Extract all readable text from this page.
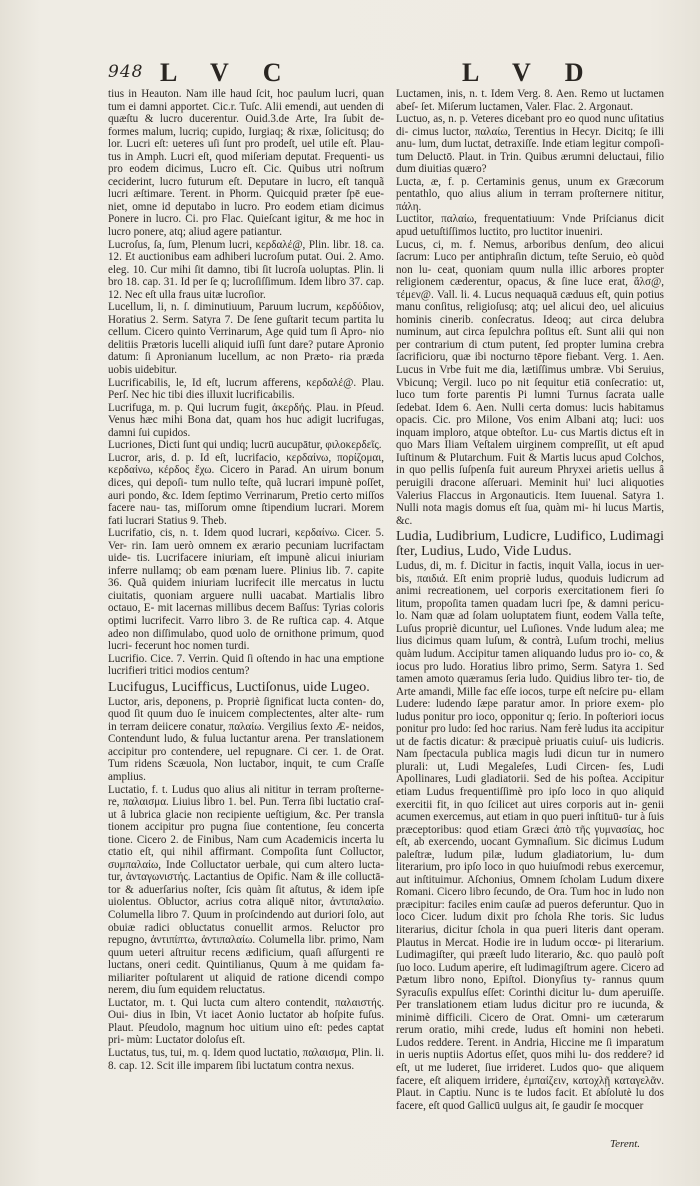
948 L V C	L V D

tius in Heauton. Nam ille haud ſcit, hoc paulum lucri, quan tum ei damni apportet. Cic.r. Tuſc. Alii emendi, aut uenden di quæſtu & lucro ducerentur. Ouid.3.de Arte, Ira ſubit de- formes malum, lucriq; cupido, Iurgiaq; & rixæ, ſolicitusq; do lor. Lucri eſt: ueteres uſi ſunt pro prodeſt, uel utile eſt. Plau- tus in Amph. Lucri eſt, quod miſeriam deputat. Frequenti- us pro eodem dicimus, Lucro eſt. Cic. Quibus utri noſtrum ceciderint, lucro futurum eſt. Deputare in lucro, eſt tanquã lucri æſtimare. Terent. in Phorm. Quicquid præter ſpē eue- niet, omne id deputabo in lucro. Pro eodem etiam dicimus Ponere in lucro. Ci. pro Flac. Quieſcant igitur, & me hoc in lucro ponere, atq; aliud agere patiantur.

Lucroſus, ſa, ſum, Plenum lucri, κερδαλέ@, Plin. libr. 18. ca. 12. Et auctionibus eam adhiberi lucroſum putat. Oui. 2. Amo. eleg. 10. Cur mihi ſit damno, tibi ſit lucroſa uoluptas. Plin. li bro 18. cap. 31. Id per ſe q; lucroſiſſimum. Idem libro 37. cap. 12. Nec eſt ulla fraus uitæ lucroſior.

Lucellum, li, n. ſ. diminutiuum, Paruum lucrum, κερδύδιον, Horatius 2. Serm. Satyra 7. De ſene guſtarit tecum partita lu cellum. Cicero quinto Verrinarum, Age quid tum ſi Apro- nio delitiis Prætoris lucelli aliquid iuſſi ſunt dare? putare Apronio datum: ſi Apronianum lucellum, ac non Præto- ria præda uobis uidebitur.

Lucrificabilis, le, Id eſt, lucrum afferens, κερδαλέ@. Plau. Perſ. Nec hic tibi dies illuxit lucrificabilis.

Lucrifuga, m. p. Qui lucrum fugit, ἀκερδής. Plau. in Pſeud. Venus hæc mihi Bona dat, quam hos huc adigit lucrifugas, damni ſui cupidos.

Lucriones, Dicti ſunt qui undiq; lucrū aucupātur, φιλοκερδεῖς.

Lucror, aris, d. p. Id eſt, lucrifacio, κερδαίνω, πορίζομαι, κερδαίνω, κέρδος ἔχω. Cicero in Parad. An uirum bonum dices, qui depoſi- tum nullo teſte, quã lucrari impunè poſſet, auri pondo, &c. Idem ſeptimo Verrinarum, Pretio certo miſſos facere nau- tas, miſſorum omne ſtipendium lucrari. Morem fati lucrari Statius 9. Theb.

Lucrifatio, cis, n. t. Idem quod lucrari, κερδαίνω. Cicer. 5. Ver- rin. Iam uerò omnem ex ærario pecuniam lucrifactam uide- tis. Lucrifacere iniuriam, eſt impunè alicui iniuriam inferre nullamq; ob eam pœnam luere. Plinius lib. 7. capite 36. Quã quidem iniuriam lucrifecit ille mercatus in luctu ciuitatis, quoniam arguere nulli uacabat. Martialis libro octauo, E- mit lacernas millibus decem Baſſus: Tyrias coloris optimi lucrifecit. Varro libro 3. de Re ruſtica cap. 4. Atque adeo non diſſimulabo, quod uolo de ornithone primum, quod lucri- fecerunt hoc nomen turdi.

Lucrifio. Cice. 7. Verrin. Quid ſi oſtendo in hac una emptione lucrifieri tritici modios centum?

Lucifugus, Lucifficus, Luctiſonus, uide Lugeo.

Luctor, aris, deponens, p. Propriè ſignificat lucta conten- do, quod ſit quum duo ſe inuicem complectentes, alter alte- rum in terram deiicere conatur, παλαίω. Vergilius ſexto Æ- neidos, Contendunt ludo, & fulua luctantur arena. Per translationem accipitur pro contendere, uel repugnare. Ci cer. 1. de Orat. Tum ridens Scæuola, Non luctabor, inquit, te cum Craſſe amplius.

Luctatio, f. t. Ludus quo alius ali nititur in terram proſterne- re, παλαισμα. Liuius libro 1. bel. Pun. Terra ſibi luctatio craſ- ut â lubrica glacie non recipiente ueſtigium, &c. Per transla tionem accipitur pro pugna ſiue contentione, ſeu concerta tione. Cicero 2. de Finibus, Nam cum Academicis incerta lu ctatio eſt, qui nihil affirmant. Compoſita ſunt Colluctor, συμπαλαίω, Inde Colluctator uerbale, qui cum altero lucta- tur, ἀνταγωνιστής. Lactantius de Opific. Nam & ille colluctā- tor & aduerſarius noſter, ſcis quàm ſit aſtutus, & idem ipſe uiolentus. Obluctor, acrius cotra aliquē nitor, ἀντιπαλαίω. Columella libro 7. Quum in proſcindendo aut duriori ſolo, aut obuiæ radici obluctatus conuellit armos. Reluctor pro repugno, ἀντιπίπτω, ἀντιπαλαίω. Columella libr. primo, Nam quum ueteri aſtruitur recens ædificium, quaſi aſſurgenti re luctans, oneri cedit. Quintilianus, Quum à me quidam fa- miliariter poſtularent ut aliquid de ratione dicendi compo nerem, diu ſum equidem reluctatus.

Luctator, m. t. Qui lucta cum altero contendit, παλαιστής. Oui- dius in Ibin, Vt iacet Aonio luctator ab hoſpite fuſus. Plaut. Pſeudolo, magnum hoc uitium uino eſt: pedes captat pri- mùm: Luctator doloſus eſt.

Luctatus, tus, tui, m. q. Idem quod luctatio, παλαισμα, Plin. li. 8. cap. 12. Scit ille imparem ſibi luctatum contra nexus.

Luctamen, inis, n. t. Idem Verg. 8. Aen. Remo ut luctamen abeſ- ſet. Miſerum luctamen, Valer. Flac. 2. Argonaut.

Luctuo, as, n. p. Veteres dicebant pro eo quod nunc uſitatius di- cimus luctor, παλαίω, Terentius in Hecyr. Dicitq; ſe illi anu- lum, dum luctat, detraxiſſe. Inde etiam legitur compoſi- tum Deluctō. Plaut. in Trin. Quibus ærumni deluctaui, filio dum diuitias quæro?

Lucta, æ, f. p. Certaminis genus, unum ex Græcorum pentathlo, quo alius alium in terram proſternere nititur, πάλη.

Luctitor, παλαίω, frequentatiuum: Vnde Priſcianus dicit apud uetuſtiſſimos luctito, pro luctitor inueniri.

Lucus, ci, m. f. Nemus, arboribus denſum, deo alicui ſacrum: Luco per antiphraſin dictum, teſte Seruio, eò quòd non lu- ceat, quoniam quum nulla illic arbores propter religionem cæderentur, opacus, & ſine luce erat, ἄλσ@, τέμεν@. Vall. li. 4. Lucus nequaquā cæduus eſt, quin potius manu conſitus, religioſusq; atq; uel alicui deo, uel alicuius hominis cinerib. conſecratus. Ideoq; aut circa delubra numinum, aut circa ſepulchra poſitus eſt. Sunt alii qui non per contrarium di ctum putent, ſed propter lumina crebra ſacrificioru, quæ ibi nocturno tēpore fiebant. Verg. 1. Aen. Lucus in Vrbe fuit me dia, lætiſſimus umbræ. Vbi Seruius, Vbicunq; Vergil. luco po nit ſequitur etiā conſecratio: ut, luco tum forte parentis Pi lumni Turnus ſacrata ualle ſedebat. Idem 6. Aen. Nulli certa domus: lucis habitamus opacis. Cic. pro Milone, Vos enim Albani atq; luci: uos inquam imploro, atque obteſtor. Lu- cus Martis dictus eſt in quo Mars Iliam Veſtalem uirginem compreſſit, ut eſt apud Iuſtinum & Plutarchum. Fuit & Martis lucus apud Colchos, in quo pellis ſuſpenſa fuit aureum Phryxei arietis uellus â peruigili dracone aſſeruari. Meminit hui' luci aliquoties Valerius Flaccus in Argonauticis. Item Iuuenal. Satyra 1. Nulli nota magis domus eſt ſua, quàm mi- hi lucus Martis, &c.

Ludia, Ludibrium, Ludicre, Ludifico, Ludimagi ſter, Ludius, Ludo, Vide Ludus.

Ludus, di, m. f. Dicitur in factis, inquit Valla, iocus in uer- bis, παιδιά. Eſt enim propriè ludus, quoduis ludicrum ad animi recreationem, uel corporis exercitationem fieri ſo litum, propoſita tamen quadam lucri ſpe, & damni pericu- lo. Nam quæ ad ſolam uoluptatem fiunt, eodem Valla teſte, Luſus propriè dicuntur, uel Luſiones. Vnde ludum alea; me lius dicimus quam luſum, & contrà, Luſum trochi, melius quàm ludum. Accipitur tamen aliquando ludus pro io- co, & iocus pro ludo. Horatius libro primo, Serm. Satyra 1. Sed tamen amoto quæramus ſeria ludo. Quidius libro ter- tio, de Arte amandi, Mille fac eſſe iocos, turpe eſt neſcire pu- ellam Ludere: ludendo ſæpe paratur amor. In priore exem- plo ludus ponitur pro ioco, opponitur q; ſerio. In poſteriori iocus ponitur pro ludo: ſed hoc rarius. Nam ferè ludus ita accipitur ut de factis dicatur: & præcipuè priuatis cuiuſ- uis ludicris. Nam ſpectacula publica magis ludi dicun tur in numero plurali: ut, Ludi Megaleſes, Ludi Circen- ſes, Ludi Apollinares, Ludi gladiatorii. Sed de his poſtea. Accipitur etiam Ludus frequentiſſimè pro ipſo loco in quo aliquid exercitii fit, in quo ſcilicet aut uires corporis aut in- genii acumen exercemus, aut etiam in quo pueri inſtituū- tur à ſuis præceptoribus: quod etiam Græci ἀπὸ τῆς γυμνασίας, hoc eſt, ab exercendo, uocant Gymnaſium. Sic dicimus Ludum paleſtræ, ludum pilæ, ludum gladiatorium, lu- dum literarium, pro ipſo loco in quo huiuſmodi rebus exercemur, aut inſtituimur. Aſchonius, Omnem ſcholam Ludum dixere Romani. Cicero libro ſecundo, de Ora. Tum hoc in ludo non præcipitur: faciles enim cauſæ ad pueros deferuntur. Quo in loco Cicer. ludum dixit pro ſchola Rhe toris. Sic ludus literarius, dicitur ſchola in qua pueri literis dant operam. Plautus in Mercat. Hodie ire in ludum occœ- pi literarium. Ludimagiſter, qui præeſt ludo literario, &c. quo paulò poſt ſuo loco. Ludum aperire, eſt ludimagiſtrum agere. Cicero ad Pætum libro nono, Epiſtol. Dionyſius ty- rannus quum Syracuſis expulſus eſſet: Corinthi dicitur lu- dum aperuiſſe. Per translationem etiam ludus dicitur pro re iucunda, & minimè difficili. Cicero de Orat. Omni- um cæterarum rerum oratio, mihi crede, ludus eſt homini non hebeti. Ludos reddere. Terent. in Andria, Hiccine me ſi imparatum in ueris nuptiis Adortus eſſet, quos mihi lu- dos reddere? id eſt, ut me luderet, ſiue irrideret. Ludos quo- que aliquem facere, eſt aliquem irridere, ἐμπαίζειν, κατοχλῇ καταγελᾶν. Plaut. in Captiu. Nunc is te ludos facit. Et abſolutè lu dos facere, eſt quod Gallicū uulgus ait, ſe gaudir ſe mocquer

Terent.
